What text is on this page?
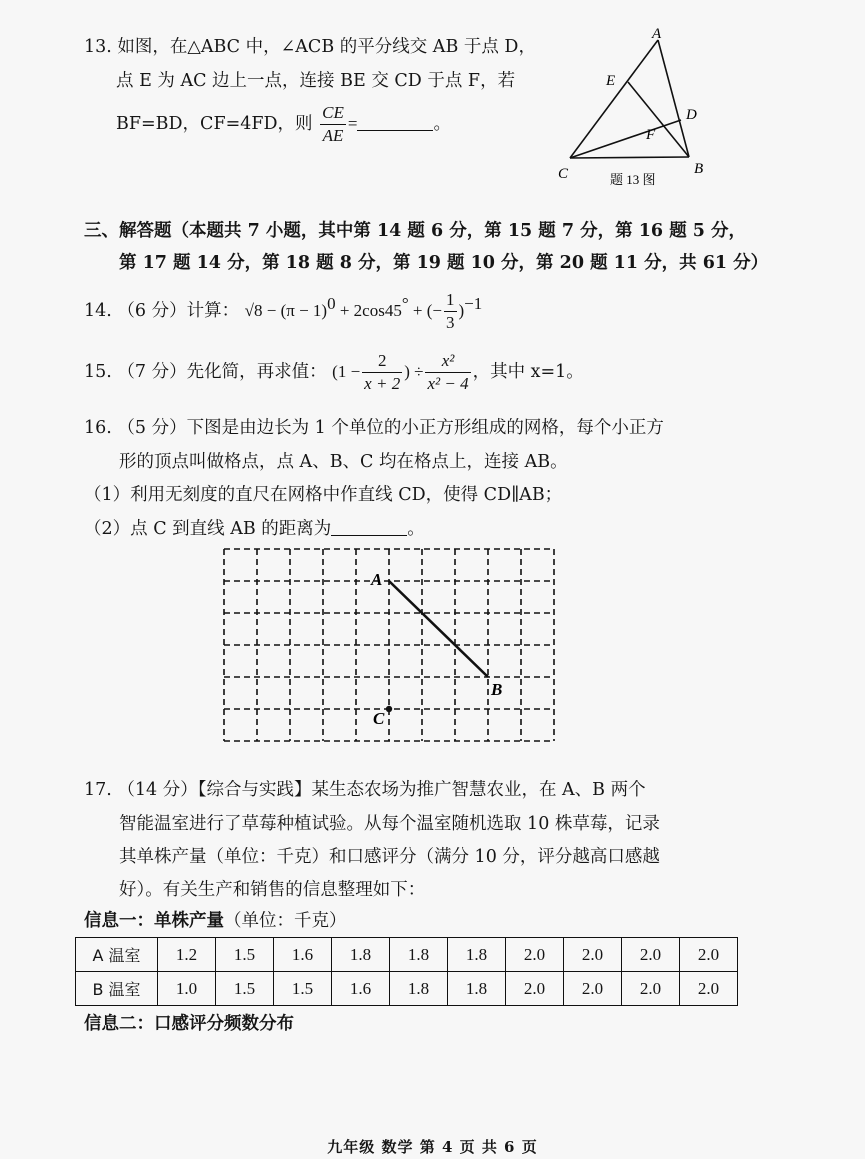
13. 如图，在△ABC 中，∠ACB 的平分线交 AB 于点 D，
点 E 为 AC 边上一点，连接 BE 交 CD 于点 F，若
BF=BD，CF=4FD，则 $\frac{CE}{AE}$ =	。
A
B
C
D
E
F
题 13 图
三、解答题（本题共 7 小题，其中第 14 题 6 分，第 15 题 7 分，第 16 题 5 分，
第 17 题 14 分，第 18 题 8 分，第 19 题 10 分，第 20 题 11 分，共 61 分）
14. （6 分）计算： $√8 - (\pi - 1)^0 + 2\cos 45^\circ$ + (− $\frac{1}{3} )^{-1}$
15. （7 分）先化简，再求值： ($1 - \frac{2}{x + 2}$ ) ÷ $\frac{\text{x²}}{\text{x² − 4}}$ ，其中 x=1。
16. （5 分）下图是由边长为 1 个单位的小正方形组成的网格，每个小正方
形的顶点叫做格点，点 A、B、C 均在格点上，连接 AB。
（1）利用无刻度的直尺在网格中作直线 CD，使得 CD∥AB；
（2）点 C 到直线 AB 的距离为	。
A
B
C
17. （14 分）【综合与实践】某生态农场为推广智慧农业，在 A、B 两个
智能温室进行了草莓种植试验。从每个温室随机选取 10 株草莓，记录
其单株产量（单位：千克）和口感评分（满分 10 分，评分越高口感越
好）。有关生产和销售的信息整理如下：
信息一：单株产量（单位：千克）
A 温室	1.2	1.5	1.6	1.8	1.8	1.8	2.0	2.0	2.0	2.0
B 温室	1.0	1.5	1.5	1.6	1.8	1.8	2.0	2.0	2.0	2.0
信息二：口感评分频数分布
九年级 数学 第 4 页 共 6 页
